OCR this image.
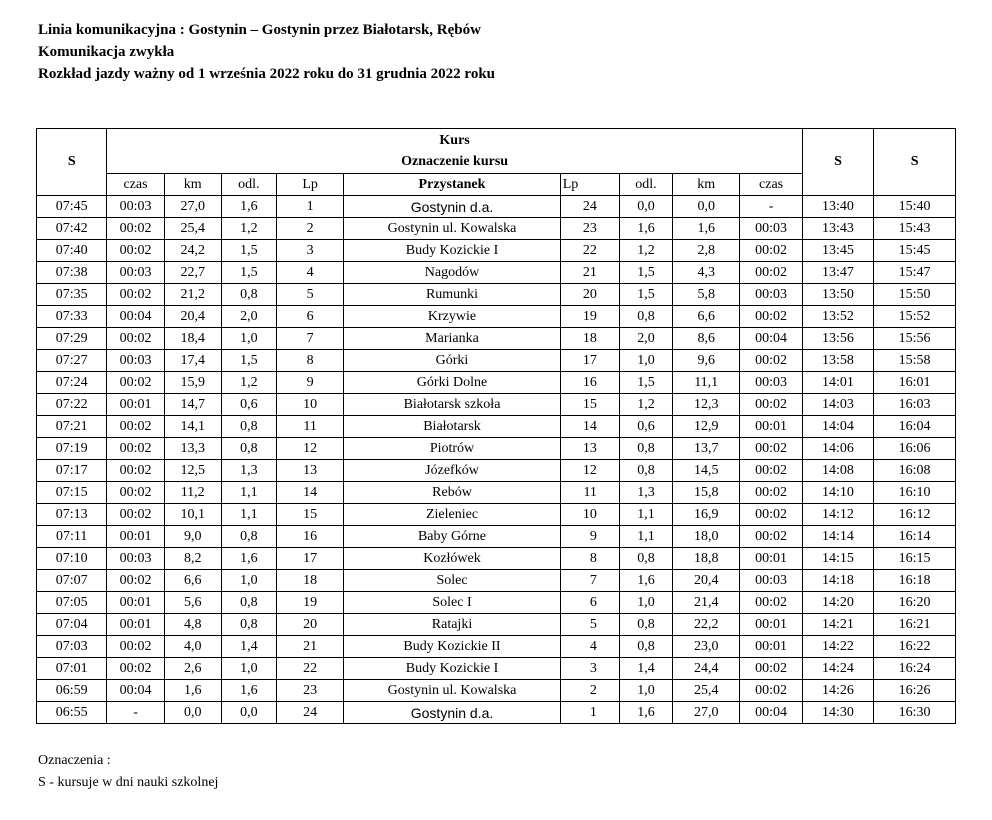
Linia komunikacyjna : Gostynin – Gostynin przez Białotarsk, Rębów
Komunikacja zwykła
Rozkład jazdy ważny od 1 września 2022 roku do 31 grudnia 2022 roku
S	Kurs
Oznaczenie kursu									S	S
	czas	km	odl.	Lp	Przystanek	Lp	odl.	km	czas		
07:45	00:03	27,0	1,6	1	Gostynin d.a.	24	0,0	0,0	-	13:40	15:40
07:42	00:02	25,4	1,2	2	Gostynin ul. Kowalska	23	1,6	1,6	00:03	13:43	15:43
07:40	00:02	24,2	1,5	3	Budy Kozickie I	22	1,2	2,8	00:02	13:45	15:45
07:38	00:03	22,7	1,5	4	Nagodów	21	1,5	4,3	00:02	13:47	15:47
07:35	00:02	21,2	0,8	5	Rumunki	20	1,5	5,8	00:03	13:50	15:50
07:33	00:04	20,4	2,0	6	Krzywie	19	0,8	6,6	00:02	13:52	15:52
07:29	00:02	18,4	1,0	7	Marianka	18	2,0	8,6	00:04	13:56	15:56
07:27	00:03	17,4	1,5	8	Górki	17	1,0	9,6	00:02	13:58	15:58
07:24	00:02	15,9	1,2	9	Górki Dolne	16	1,5	11,1	00:03	14:01	16:01
07:22	00:01	14,7	0,6	10	Białotarsk szkoła	15	1,2	12,3	00:02	14:03	16:03
07:21	00:02	14,1	0,8	11	Białotarsk	14	0,6	12,9	00:01	14:04	16:04
07:19	00:02	13,3	0,8	12	Piotrów	13	0,8	13,7	00:02	14:06	16:06
07:17	00:02	12,5	1,3	13	Józefków	12	0,8	14,5	00:02	14:08	16:08
07:15	00:02	11,2	1,1	14	Rebów	11	1,3	15,8	00:02	14:10	16:10
07:13	00:02	10,1	1,1	15	Zieleniec	10	1,1	16,9	00:02	14:12	16:12
07:11	00:01	9,0	0,8	16	Baby Górne	9	1,1	18,0	00:02	14:14	16:14
07:10	00:03	8,2	1,6	17	Kozłówek	8	0,8	18,8	00:01	14:15	16:15
07:07	00:02	6,6	1,0	18	Solec	7	1,6	20,4	00:03	14:18	16:18
07:05	00:01	5,6	0,8	19	Solec I	6	1,0	21,4	00:02	14:20	16:20
07:04	00:01	4,8	0,8	20	Ratajki	5	0,8	22,2	00:01	14:21	16:21
07:03	00:02	4,0	1,4	21	Budy Kozickie II	4	0,8	23,0	00:01	14:22	16:22
07:01	00:02	2,6	1,0	22	Budy Kozickie I	3	1,4	24,4	00:02	14:24	16:24
06:59	00:04	1,6	1,6	23	Gostynin ul. Kowalska	2	1,0	25,4	00:02	14:26	16:26
06:55	-	0,0	0,0	24	Gostynin d.a.	1	1,6	27,0	00:04	14:30	16:30
Oznaczenia :
S - kursuje w dni nauki szkolnej
